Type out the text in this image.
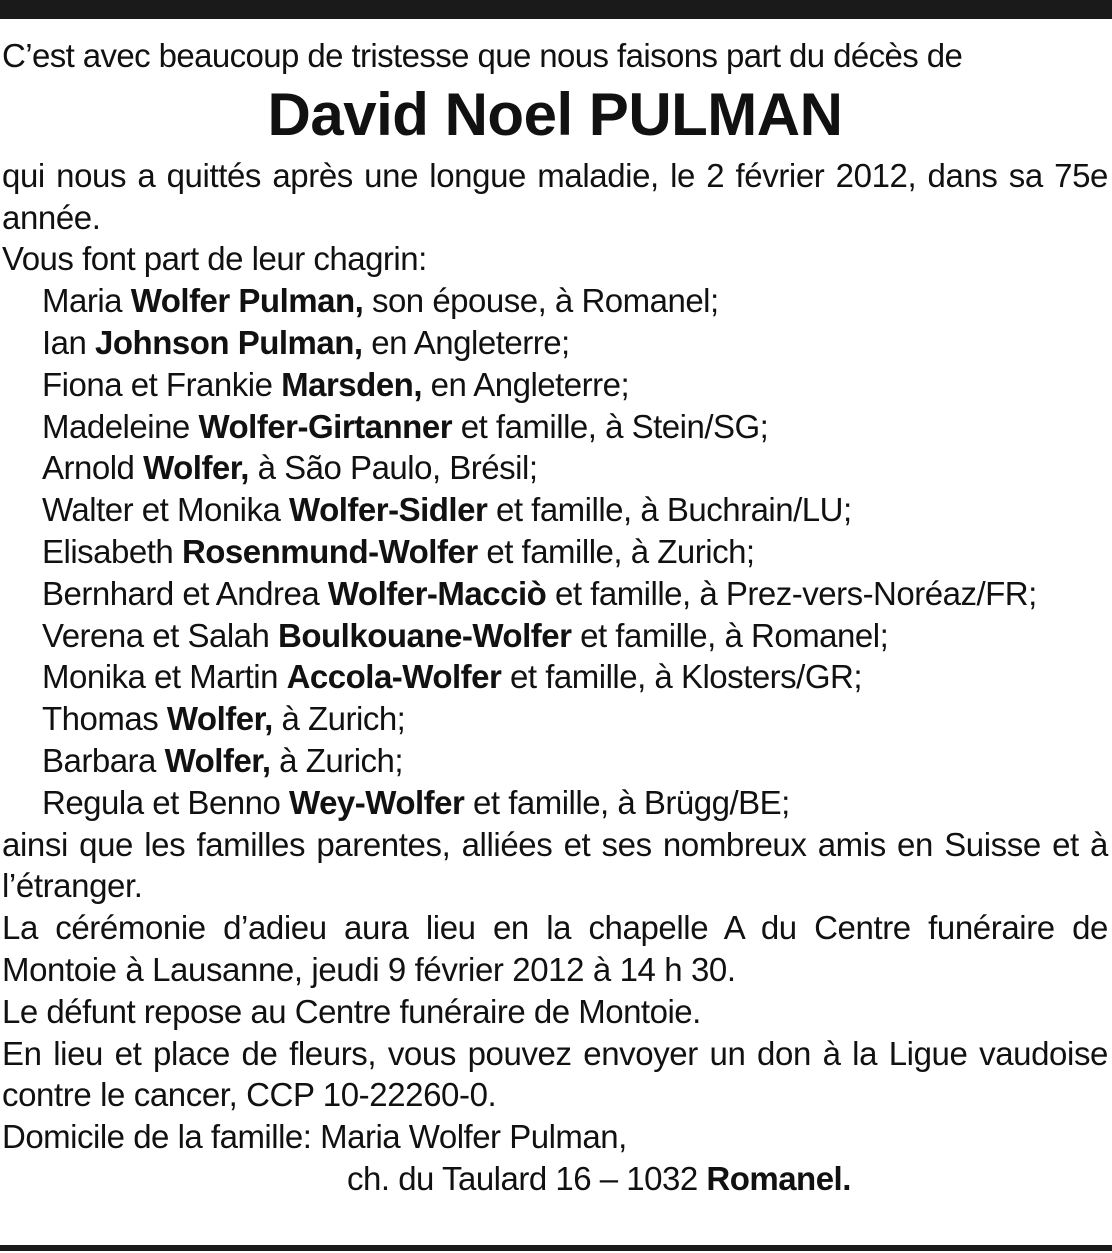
C’est avec beaucoup de tristesse que nous faisons part du décès de

David Noel PULMAN

qui nous a quittés après une longue maladie, le 2 février 2012, dans sa 75e année.

Vous font part de leur chagrin:

Maria Wolfer Pulman, son épouse, à Romanel;
Ian Johnson Pulman, en Angleterre;
Fiona et Frankie Marsden, en Angleterre;
Madeleine Wolfer-Girtanner et famille, à Stein/SG;
Arnold Wolfer, à São Paulo, Brésil;
Walter et Monika Wolfer-Sidler et famille, à Buchrain/LU;
Elisabeth Rosenmund-Wolfer et famille, à Zurich;
Bernhard et Andrea Wolfer-Macciò et famille, à Prez-vers-Noréaz/FR;
Verena et Salah Boulkouane-Wolfer et famille, à Romanel;
Monika et Martin Accola-Wolfer et famille, à Klosters/GR;
Thomas Wolfer, à Zurich;
Barbara Wolfer, à Zurich;
Regula et Benno Wey-Wolfer et famille, à Brügg/BE;

ainsi que les familles parentes, alliées et ses nombreux amis en Suisse et à l’étranger.

La cérémonie d’adieu aura lieu en la chapelle A du Centre funéraire de Montoie à Lausanne, jeudi 9 février 2012 à 14 h 30.

Le défunt repose au Centre funéraire de Montoie.

En lieu et place de fleurs, vous pouvez envoyer un don à la Ligue vaudoise contre le cancer, CCP 10-22260-0.

Domicile de la famille: Maria Wolfer Pulman,

ch. du Taulard 16 – 1032 Romanel.
